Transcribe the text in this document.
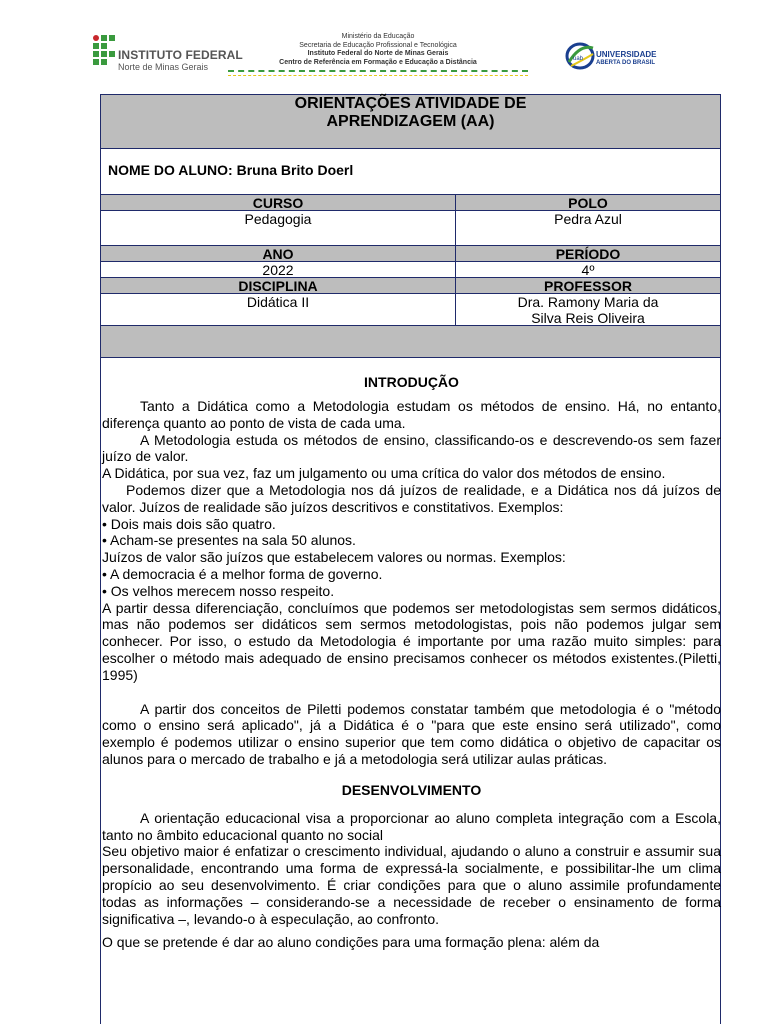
INSTITUTO FEDERAL
Norte de Minas Gerais
Ministério da Educação
Secretaria de Educação Profissional e Tecnológica
Instituto Federal do Norte de Minas Gerais
Centro de Referência em Formação e Educação a Distância	uab UNIVERSIDADE
ABERTA DO BRASIL
ORIENTAÇÕES ATIVIDADE DE
APRENDIZAGEM (AA)
NOME DO ALUNO: Bruna Brito Doerl
CURSO	POLO
Pedagogia	Pedra Azul
ANO	PERÍODO
2022	4º
DISCIPLINA	PROFESSOR
Didática II	Dra. Ramony Maria da
Silva Reis Oliveira
INTRODUÇÃO

Tanto a Didática como a Metodologia estudam os métodos de ensino. Há, no entanto, diferença quanto ao ponto de vista de cada uma.

A Metodologia estuda os métodos de ensino, classificando-os e descrevendo-os sem fazer juízo de valor.

A Didática, por sua vez, faz um julgamento ou uma crítica do valor dos métodos de ensino.

Podemos dizer que a Metodologia nos dá juízos de realidade, e a Didática nos dá juízos de valor. Juízos de realidade são juízos descritivos e constitativos. Exemplos:

• Dois mais dois são quatro.

• Acham-se presentes na sala 50 alunos.

Juízos de valor são juízos que estabelecem valores ou normas. Exemplos:

• A democracia é a melhor forma de governo.

• Os velhos merecem nosso respeito.

A partir dessa diferenciação, concluímos que podemos ser metodologistas sem sermos didáticos, mas não podemos ser didáticos sem sermos metodologistas, pois não podemos julgar sem conhecer. Por isso, o estudo da Metodologia é importante por uma razão muito simples: para escolher o método mais adequado de ensino precisamos conhecer os métodos existentes.(Piletti, 1995)

A partir dos conceitos de Piletti podemos constatar também que metodologia é o "método como o ensino será aplicado", já a Didática é o "para que este ensino será utilizado", como exemplo é podemos utilizar o ensino superior que tem como didática o objetivo de capacitar os alunos para o mercado de trabalho e já a metodologia será utilizar aulas práticas.

DESENVOLVIMENTO

A orientação educacional visa a proporcionar ao aluno completa integração com a Escola, tanto no âmbito educacional quanto no social

Seu objetivo maior é enfatizar o crescimento individual, ajudando o aluno a construir e assumir sua personalidade, encontrando uma forma de expressá-la socialmente, e possibilitar-lhe um clima propício ao seu desenvolvimento. É criar condições para que o aluno assimile profundamente todas as informações – considerando-se a necessidade de receber o ensinamento de forma significativa –, levando-o à especulação, ao confronto.

O que se pretende é dar ao aluno condições para uma formação plena: além da
